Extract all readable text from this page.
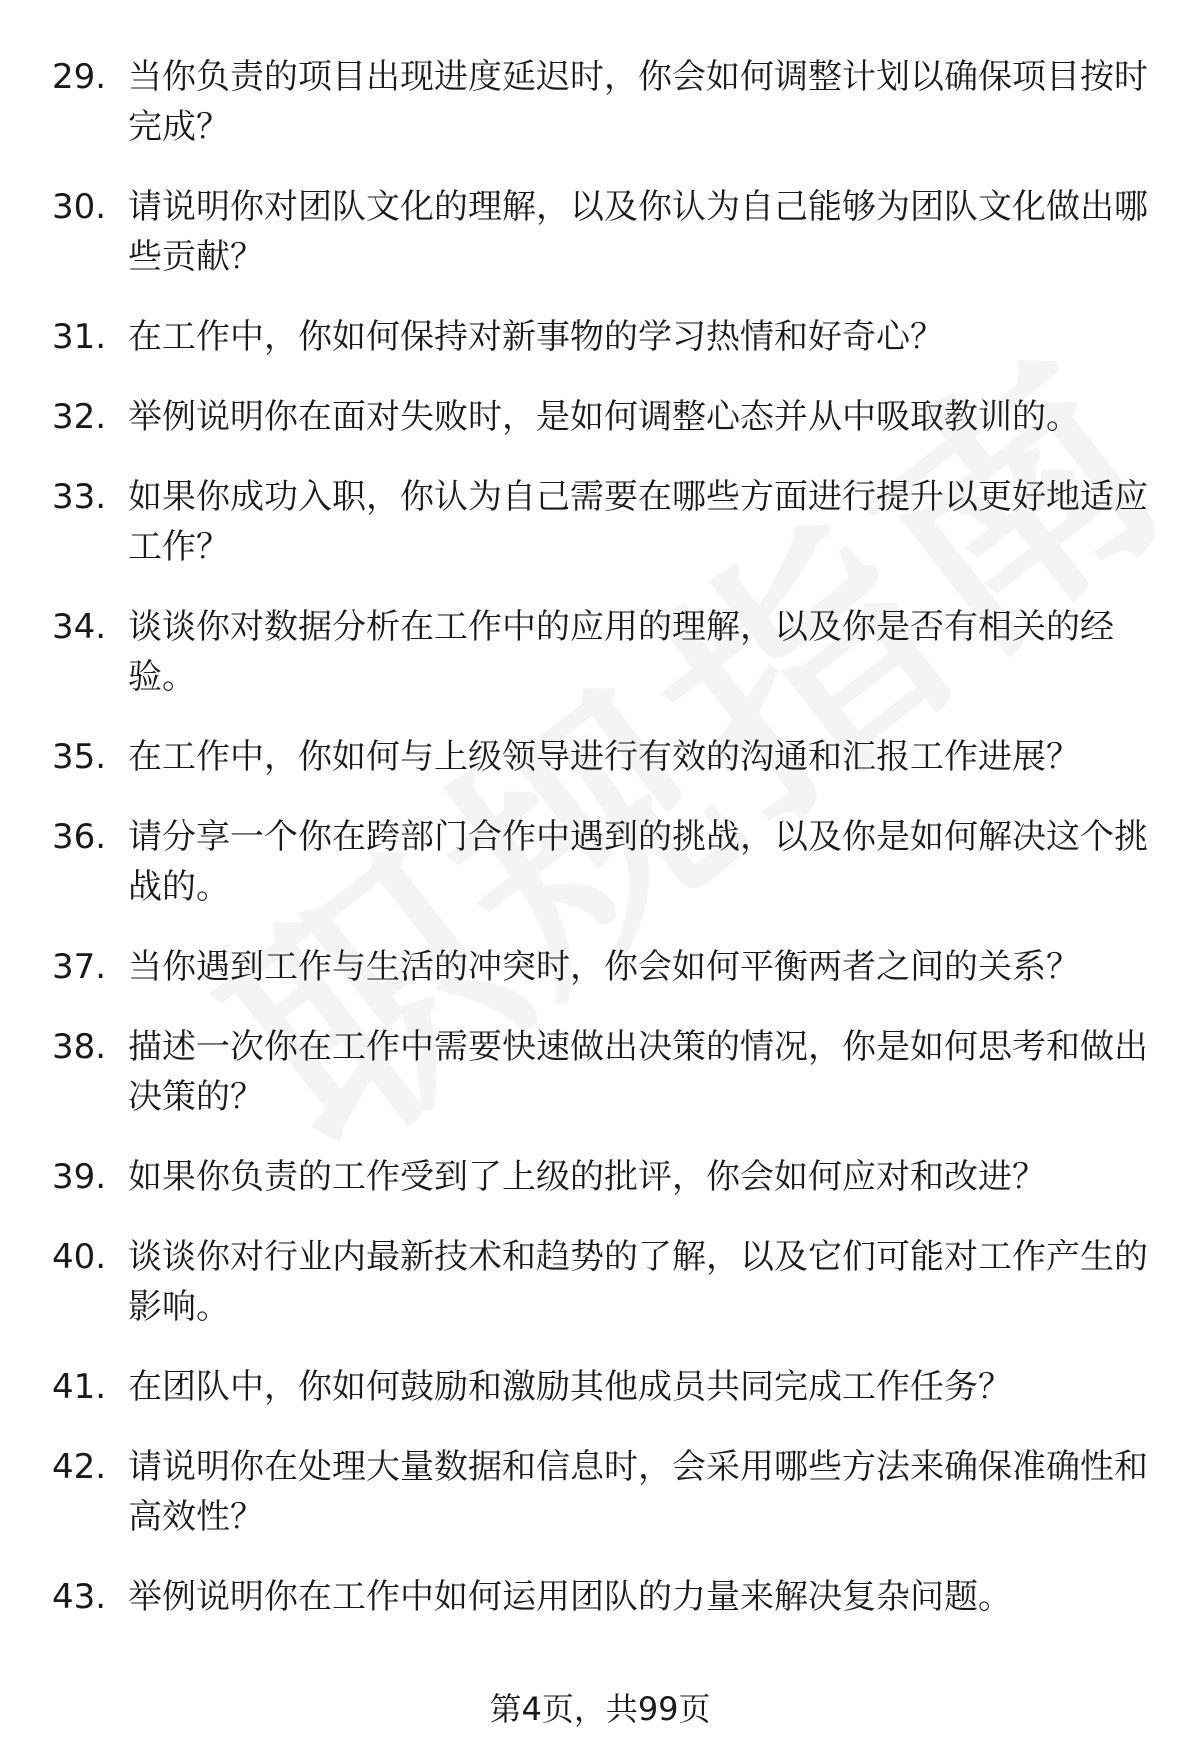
29. 当你负责的项目出现进度延迟时，你会如何调整计划以确保项目按时完成？
30. 请说明你对团队文化的理解，以及你认为自己能够为团队文化做出哪些贡献？
31. 在工作中，你如何保持对新事物的学习热情和好奇心？
32. 举例说明你在面对失败时，是如何调整心态并从中吸取教训的。
33. 如果你成功入职，你认为自己需要在哪些方面进行提升以更好地适应工作？
34. 谈谈你对数据分析在工作中的应用的理解，以及你是否有相关的经验。
35. 在工作中，你如何与上级领导进行有效的沟通和汇报工作进展？
36. 请分享一个你在跨部门合作中遇到的挑战，以及你是如何解决这个挑战的。
37. 当你遇到工作与生活的冲突时，你会如何平衡两者之间的关系？
38. 描述一次你在工作中需要快速做出决策的情况，你是如何思考和做出决策的？
39. 如果你负责的工作受到了上级的批评，你会如何应对和改进？
40. 谈谈你对行业内最新技术和趋势的了解，以及它们可能对工作产生的影响。
41. 在团队中，你如何鼓励和激励其他成员共同完成工作任务？
42. 请说明你在处理大量数据和信息时，会采用哪些方法来确保准确性和高效性？
43. 举例说明你在工作中如何运用团队的力量来解决复杂问题。
第4页，共99页
